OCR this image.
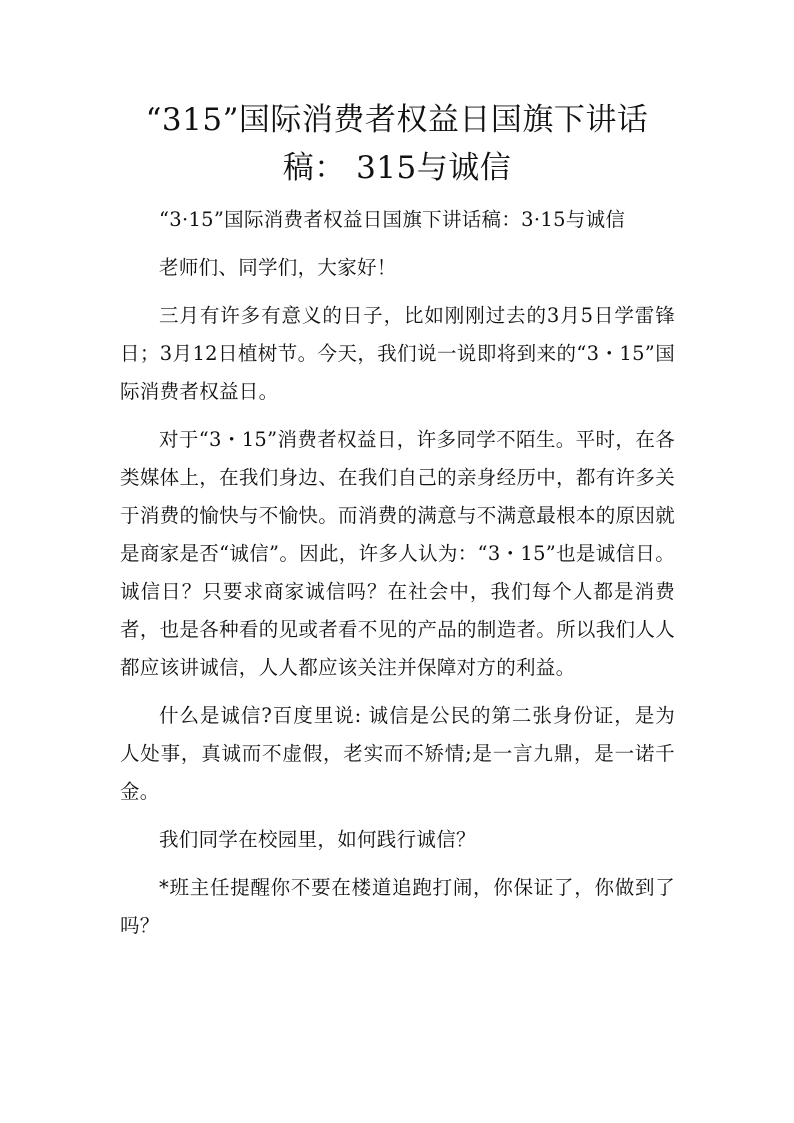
“315”国际消费者权益日国旗下讲话
稿： 315与诚信

“3·15”国际消费者权益日国旗下讲话稿：3·15与诚信

老师们、同学们，大家好！

三月有许多有意义的日子，比如刚刚过去的3月5日学雷锋日；3月12日植树节。今天，我们说一说即将到来的“3・15”国际消费者权益日。

对于“3・15”消费者权益日，许多同学不陌生。平时，在各类媒体上，在我们身边、在我们自己的亲身经历中，都有许多关于消费的愉快与不愉快。而消费的满意与不满意最根本的原因就是商家是否“诚信”。因此，许多人认为：“3・15”也是诚信日。诚信日？只要求商家诚信吗？在社会中，我们每个人都是消费者，也是各种看的见或者看不见的产品的制造者。所以我们人人都应该讲诚信，人人都应该关注并保障对方的利益。

什么是诚信?百度里说: 诚信是公民的第二张身份证，是为人处事，真诚而不虚假，老实而不矫情;是一言九鼎，是一诺千金。

我们同学在校园里，如何践行诚信？

*班主任提醒你不要在楼道追跑打闹，你保证了，你做到了吗？
